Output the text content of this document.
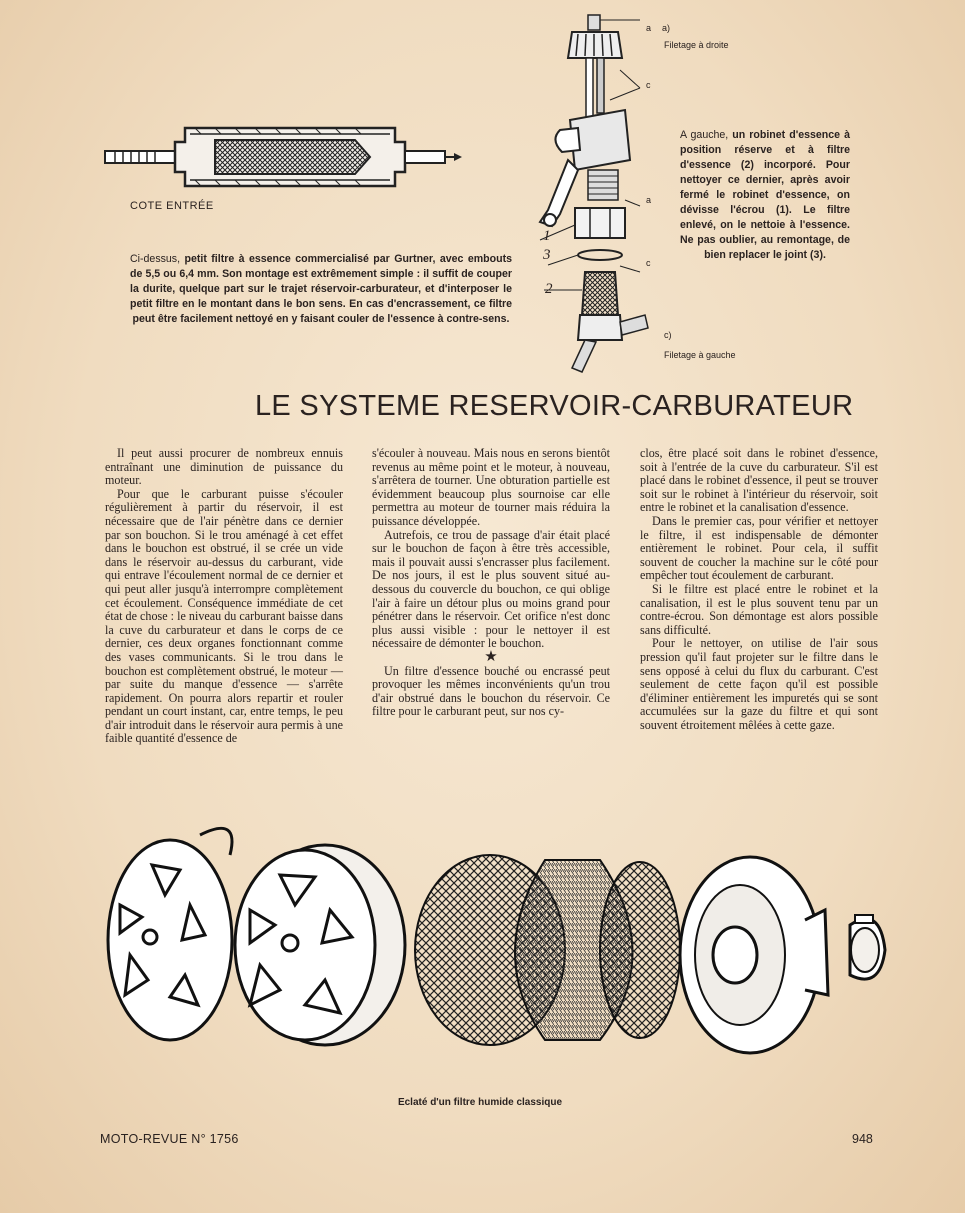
COTE ENTRÉE
Ci-dessus, petit filtre à essence commercialisé par Gurtner, avec embouts de 5,5 ou 6,4 mm. Son montage est extrêmement simple : il suffit de couper la durite, quelque part sur le trajet réservoir-carburateur, et d'interposer le petit filtre en le montant dans le bon sens. En cas d'encrassement, ce filtre peut être facilement nettoyé en y faisant couler de l'essence à contre-sens.
a a)
Filetage à droite
c
a
c
c)
Filetage à gauche
1
3
2
A gauche, un robinet d'essence à position réserve et à filtre d'essence (2) incorporé. Pour nettoyer ce dernier, après avoir fermé le robinet d'essence, on dévisse l'écrou (1). Le filtre enlevé, on le nettoie à l'essence. Ne pas oublier, au remontage, de bien replacer le joint (3).
LE SYSTEME RESERVOIR-CARBURATEUR

Il peut aussi procurer de nombreux ennuis entraînant une diminution de puissance du moteur.

Pour que le carburant puisse s'écouler régulièrement à partir du réservoir, il est nécessaire que de l'air pénètre dans ce dernier par son bouchon. Si le trou aménagé à cet effet dans le bouchon est obstrué, il se crée un vide dans le réservoir au-dessus du carburant, vide qui entrave l'écoulement normal de ce dernier et qui peut aller jusqu'à interrompre complètement cet écoulement. Conséquence immédiate de cet état de chose : le niveau du carburant baisse dans la cuve du carburateur et dans le corps de ce dernier, ces deux organes fonctionnant comme des vases communicants. Si le trou dans le bouchon est complètement obstrué, le moteur — par suite du manque d'essence — s'arrête rapidement. On pourra alors repartir et rouler pendant un court instant, car, entre temps, le peu d'air introduit dans le réservoir aura permis à une faible quantité d'essence de

s'écouler à nouveau. Mais nous en serons bientôt revenus au même point et le moteur, à nouveau, s'arrêtera de tourner. Une obturation partielle est évidemment beaucoup plus sournoise car elle permettra au moteur de tourner mais réduira la puissance développée.

Autrefois, ce trou de passage d'air était placé sur le bouchon de façon à être très accessible, mais il pouvait aussi s'encrasser plus facilement. De nos jours, il est le plus souvent situé au-dessous du couvercle du bouchon, ce qui oblige l'air à faire un détour plus ou moins grand pour pénétrer dans le réservoir. Cet orifice n'est donc plus aussi visible : pour le nettoyer il est nécessaire de démonter le bouchon.

★

Un filtre d'essence bouché ou encrassé peut provoquer les mêmes inconvénients qu'un trou d'air obstrué dans le bouchon du réservoir. Ce filtre pour le carburant peut, sur nos cy-

clos, être placé soit dans le robinet d'essence, soit à l'entrée de la cuve du carburateur. S'il est placé dans le robinet d'essence, il peut se trouver soit sur le robinet à l'intérieur du réservoir, soit entre le robinet et la canalisation d'essence.

Dans le premier cas, pour vérifier et nettoyer le filtre, il est indispensable de démonter entièrement le robinet. Pour cela, il suffit souvent de coucher la machine sur le côté pour empêcher tout écoulement de carburant.

Si le filtre est placé entre le robinet et la canalisation, il est le plus souvent tenu par un contre-écrou. Son démontage est alors possible sans difficulté.

Pour le nettoyer, on utilise de l'air sous pression qu'il faut projeter sur le filtre dans le sens opposé à celui du flux du carburant. C'est seulement de cette façon qu'il est possible d'éliminer entièrement les impuretés qui se sont accumulées sur la gaze du filtre et qui sont souvent étroitement mêlées à cette gaze.

Eclaté d'un filtre humide classique
MOTO-REVUE N° 1756	948
